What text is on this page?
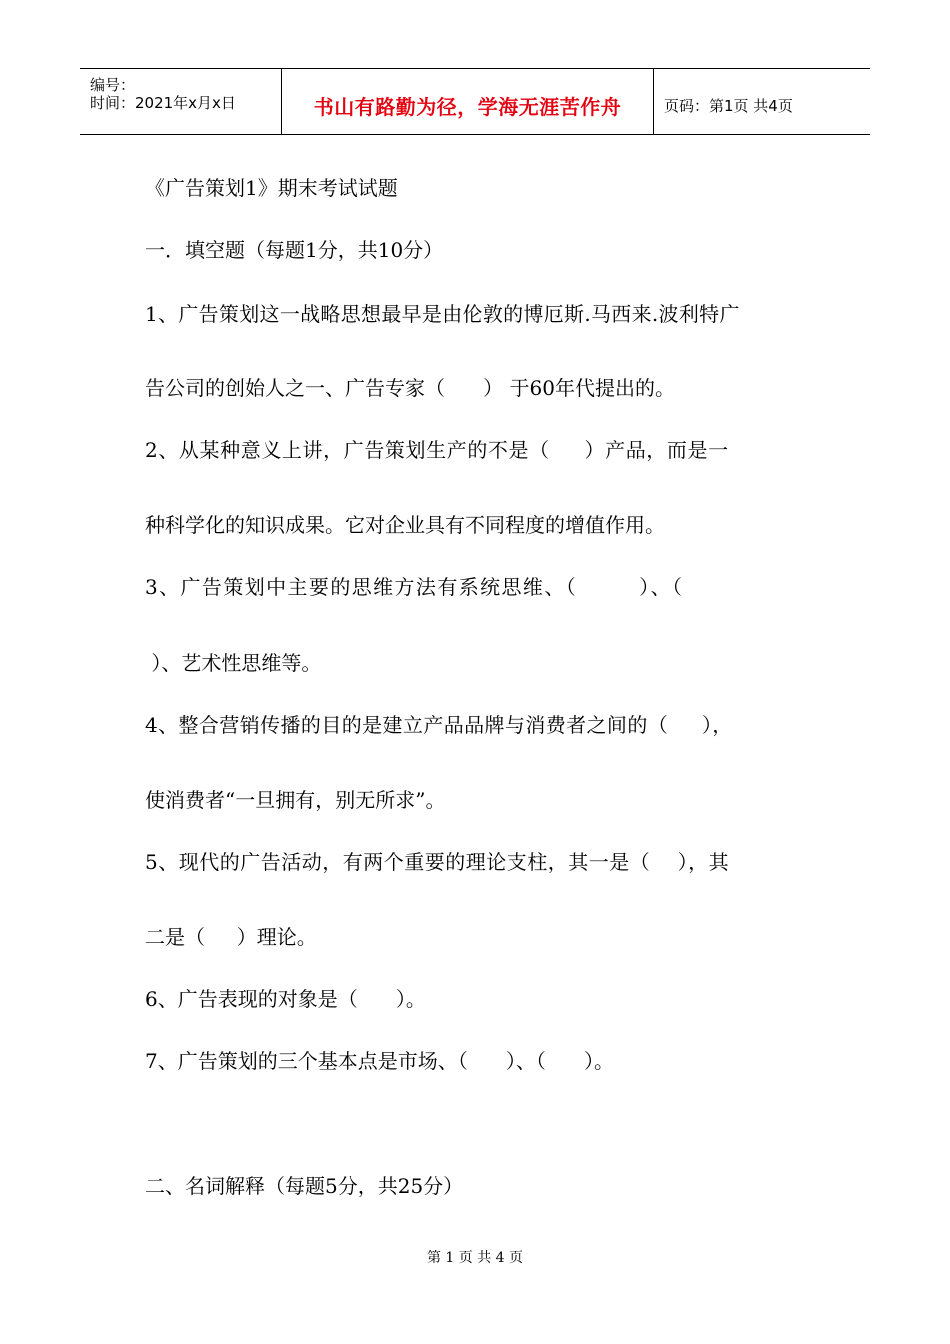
编号：
时间：2021年x月x日	书山有路勤为径，学海无涯苦作舟	页码：第1页 共4页
《广告策划1》期末考试试题
一．填空题（每题1分，共10分）
1、广告策划这一战略思想最早是由伦敦的博厄斯.马西来.波利特广
告公司的创始人之一、广告专家（      ） 于60年代提出的。
2、从某种意义上讲，广告策划生产的不是（     ）产品，而是一
种科学化的知识成果。它对企业具有不同程度的增值作用。
3、广告策划中主要的思维方法有系统思维、（        ）、（
）、艺术性思维等。
4、整合营销传播的目的是建立产品品牌与消费者之间的（     ），
使消费者“一旦拥有，别无所求”。
5、现代的广告活动，有两个重要的理论支柱，其一是（    ），其
二是（     ）理论。
6、广告表现的对象是（      ）。
7、广告策划的三个基本点是市场、（      ）、（      ）。
二、名词解释（每题5分，共25分）
第 1 页 共 4 页
